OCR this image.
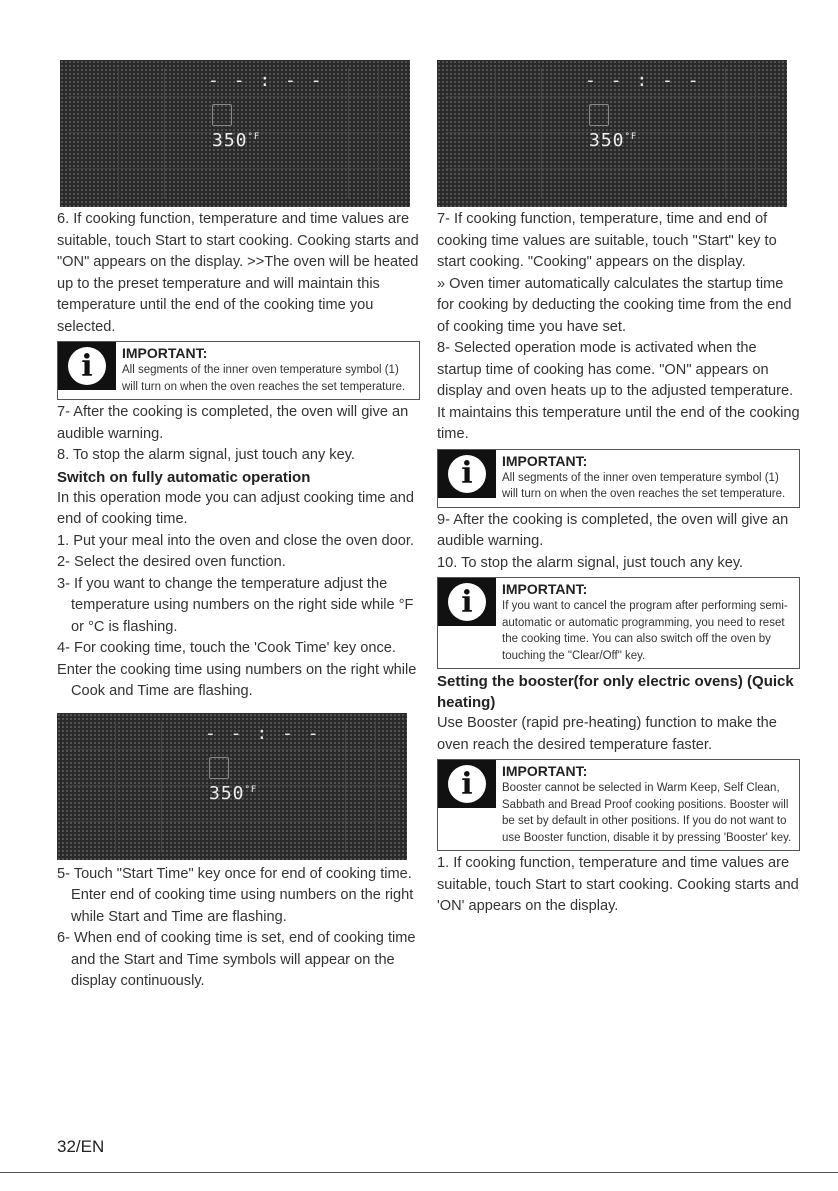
- - : - -
$350^{^\circ F}$

6. If cooking function, temperature and time values are suitable, touch Start to start cooking. Cooking starts and "ON" appears on the display. >>The oven will be heated up to the preset temperature and will maintain this temperature until the end of the cooking time you selected.

i	IMPORTANT:
All segments of the inner oven temperature symbol (1) will turn on when the oven reaches the set temperature.

7- After the cooking is completed, the oven will give an audible warning.

8. To stop the alarm signal, just touch any key.

Switch on fully automatic operation

In this operation mode you can adjust cooking time and end of cooking time.

1. Put your meal into the oven and close the oven door.

2- Select the desired oven function.

3- If you want to change the temperature adjust the temperature using numbers on the right side while °F or °C is flashing.

4- For cooking time, touch the 'Cook Time' key once.

Enter the cooking time using numbers on the right while Cook and Time are flashing.

- - : - -
$350^{^\circ F}$

5- Touch "Start Time" key once for end of cooking time. Enter end of cooking time using numbers on the right while Start and Time are flashing.

6- When end of cooking time is set, end of cooking time and the Start and Time symbols will appear on the display continuously.

- - : - -
$350^{^\circ F}$

7- If cooking function, temperature, time and end of cooking time values are suitable, touch "Start" key to start cooking. "Cooking" appears on the display.

» Oven timer automatically calculates the startup time for cooking by deducting the cooking time from the end of cooking time you have set.

8- Selected operation mode is activated when the startup time of cooking has come. "ON" appears on display and oven heats up to the adjusted temperature. It maintains this temperature until the end of the cooking time.

i	IMPORTANT:
All segments of the inner oven temperature symbol (1) will turn on when the oven reaches the set temperature.

9- After the cooking is completed, the oven will give an audible warning.

10. To stop the alarm signal, just touch any key.

i	IMPORTANT:
If you want to cancel the program after performing semi-automatic or automatic programming, you need to reset the cooking time. You can also switch off the oven by touching the "Clear/Off" key.

Setting the booster(for only electric ovens) (Quick heating)

Use Booster (rapid pre-heating) function to make the oven reach the desired temperature faster.

i	IMPORTANT:
Booster cannot be selected in Warm Keep, Self Clean, Sabbath and Bread Proof cooking positions. Booster will be set by default in other positions. If you do not want to use Booster function, disable it by pressing 'Booster' key.

1. If cooking function, temperature and time values are suitable, touch Start to start cooking. Cooking starts and 'ON' appears on the display.

32/EN
